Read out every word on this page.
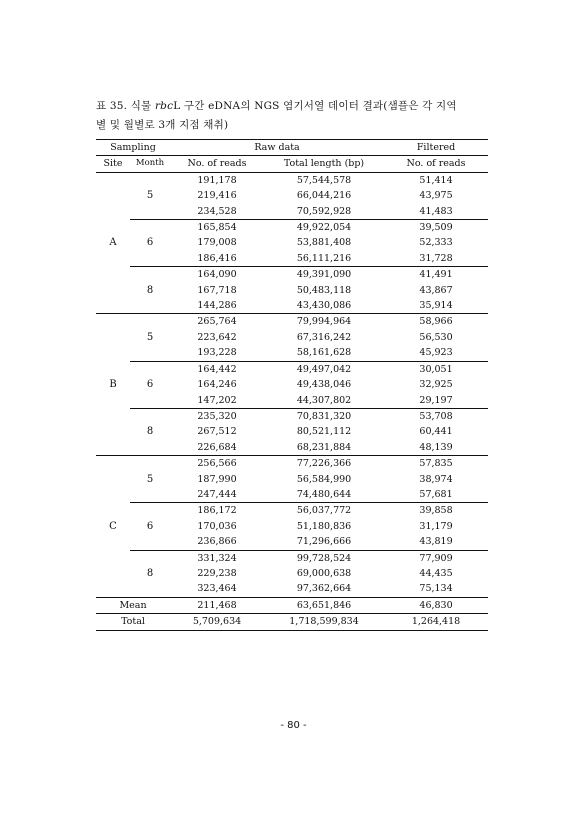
표 35. 식물 rbcL 구간 eDNA의 NGS 염기서열 데이터 결과(샘플은 각 지역
별 및 월별로 3개 지점 채취)
Sampling		Raw data		Filtered
Site	Month	No. of reads	Total length (bp)	No. of reads
A	5	191,178	57,544,578	51,414
		219,416	66,044,216	43,975
		234,528	70,592,928	41,483
	6	165,854	49,922,054	39,509
		179,008	53,881,408	52,333
		186,416	56,111,216	31,728
	8	164,090	49,391,090	41,491
		167,718	50,483,118	43,867
		144,286	43,430,086	35,914
B	5	265,764	79,994,964	58,966
		223,642	67,316,242	56,530
		193,228	58,161,628	45,923
	6	164,442	49,497,042	30,051
		164,246	49,438,046	32,925
		147,202	44,307,802	29,197
	8	235,320	70,831,320	53,708
		267,512	80,521,112	60,441
		226,684	68,231,884	48,139
C	5	256,566	77,226,366	57,835
		187,990	56,584,990	38,974
		247,444	74,480,644	57,681
	6	186,172	56,037,772	39,858
		170,036	51,180,836	31,179
		236,866	71,296,666	43,819
	8	331,324	99,728,524	77,909
		229,238	69,000,638	44,435
		323,464	97,362,664	75,134
Mean		211,468	63,651,846	46,830
Total		5,709,634	1,718,599,834	1,264,418
- 80 -
